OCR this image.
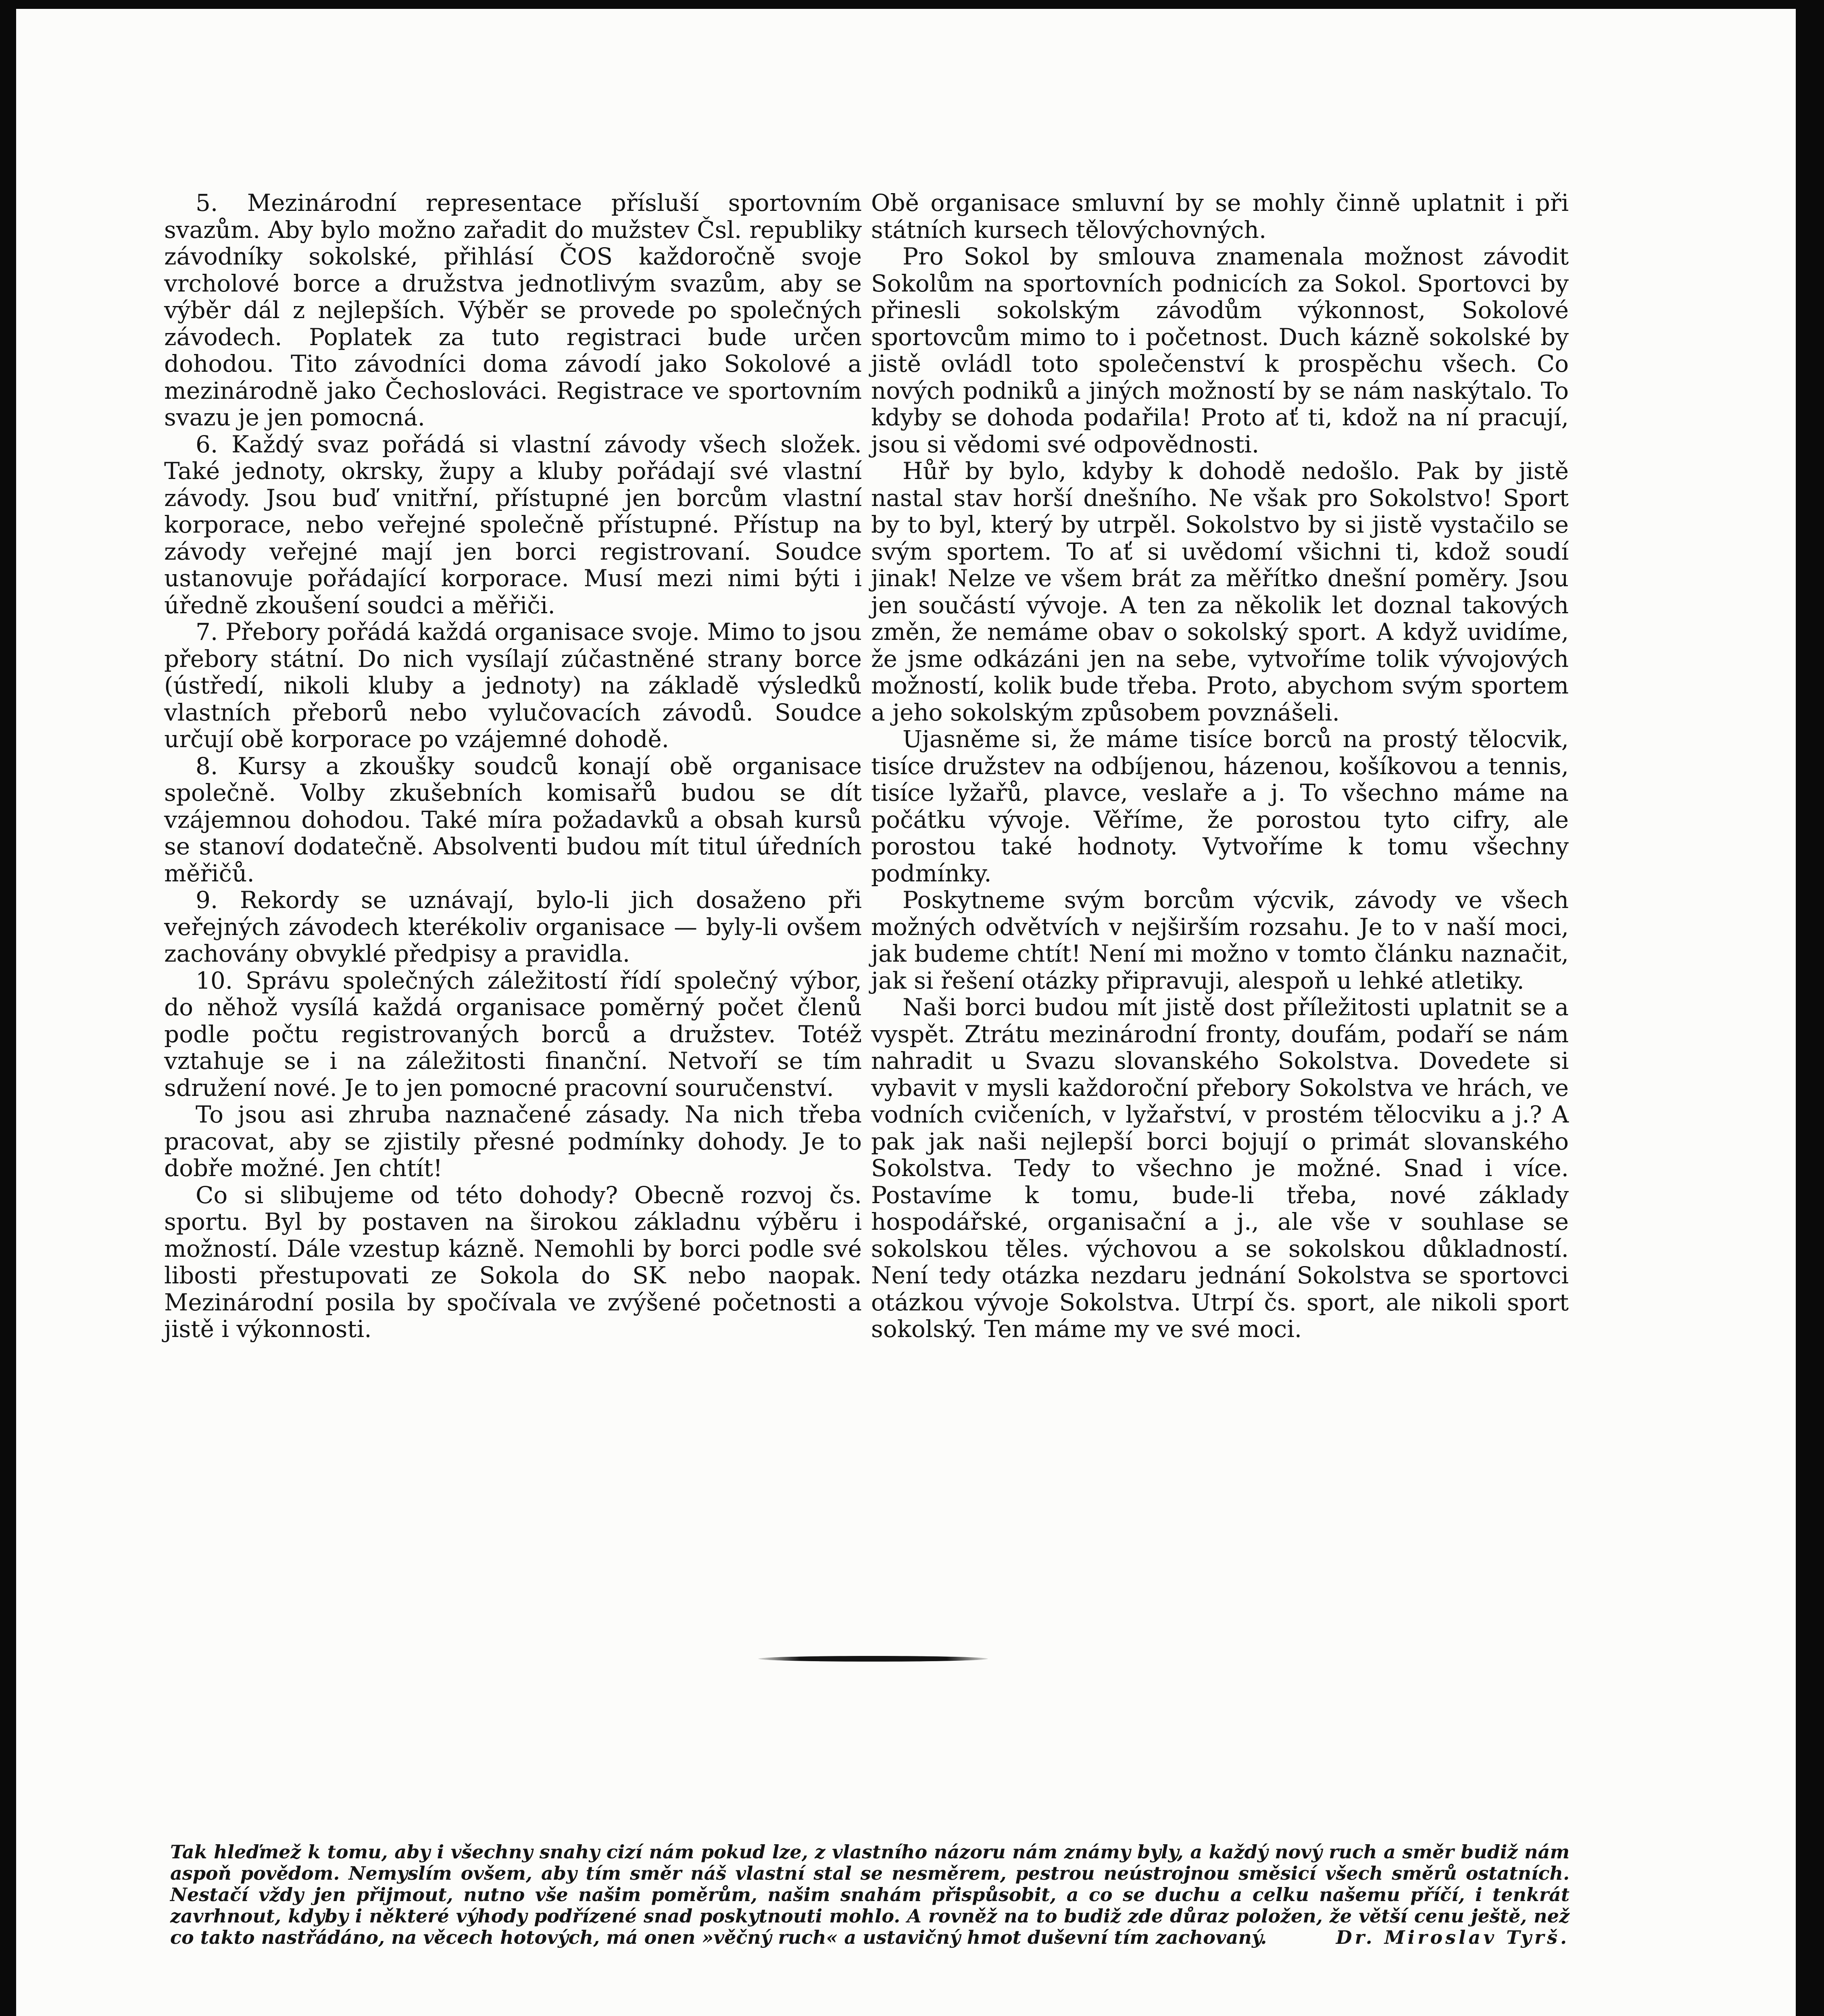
5. Mezinárodní representace přísluší sportovním svazům. Aby bylo možno zařadit do mužstev Čsl. republiky závodníky sokolské, přihlásí ČOS každoročně svoje vrcholové borce a družstva jednotlivým svazům, aby se výběr dál z nejlepších. Výběr se provede po společných závodech. Poplatek za tuto registraci bude určen dohodou. Tito závodníci doma závodí jako Sokolové a mezinárodně jako Čechoslováci. Registrace ve sportovním svazu je jen pomocná.

6. Každý svaz pořádá si vlastní závody všech složek. Také jednoty, okrsky, župy a kluby pořádají své vlastní závody. Jsou buď vnitřní, přístupné jen borcům vlastní korporace, nebo veřejné společně přístupné. Přístup na závody veřejné mají jen borci registrovaní. Soudce ustanovuje pořádající korporace. Musí mezi nimi býti i úředně zkoušení soudci a měřiči.

7. Přebory pořádá každá organisace svoje. Mimo to jsou přebory státní. Do nich vysílají zúčastněné strany borce (ústředí, nikoli kluby a jednoty) na základě výsledků vlastních přeborů nebo vylučovacích závodů. Soudce určují obě korporace po vzájemné dohodě.

8. Kursy a zkoušky soudců konají obě organisace společně. Volby zkušebních komisařů budou se dít vzájemnou dohodou. Také míra požadavků a obsah kursů se stanoví dodatečně. Absolventi budou mít titul úředních měřičů.

9. Rekordy se uznávají, bylo-li jich dosaženo při veřejných závodech kterékoliv organisace — byly-li ovšem zachovány obvyklé předpisy a pravidla.

10. Správu společných záležitostí řídí společný výbor, do něhož vysílá každá organisace poměrný počet členů podle počtu registrovaných borců a družstev. Totéž vztahuje se i na záležitosti finanční. Netvoří se tím sdružení nové. Je to jen pomocné pracovní souručenství.

To jsou asi zhruba naznačené zásady. Na nich třeba pracovat, aby se zjistily přesné podmínky dohody. Je to dobře možné. Jen chtít!

Co si slibujeme od této dohody? Obecně rozvoj čs. sportu. Byl by postaven na širokou základnu výběru i možností. Dále vzestup kázně. Nemohli by borci podle své libosti přestupovati ze Sokola do SK nebo naopak. Mezinárodní posila by spočívala ve zvýšené početnosti a jistě i výkonnosti.

Obě organisace smluvní by se mohly činně uplatnit i při státních kursech tělovýchovných.

Pro Sokol by smlouva znamenala možnost závodit Sokolům na sportovních podnicích za Sokol. Sportovci by přinesli sokolským závodům výkonnost, Sokolové sportovcům mimo to i početnost. Duch kázně sokolské by jistě ovládl toto společenství k prospěchu všech. Co nových podniků a jiných možností by se nám naskýtalo. To kdyby se dohoda podařila! Proto ať ti, kdož na ní pracují, jsou si vědomi své odpovědnosti.

Hůř by bylo, kdyby k dohodě nedošlo. Pak by jistě nastal stav horší dnešního. Ne však pro Sokolstvo! Sport by to byl, který by utrpěl. Sokolstvo by si jistě vystačilo se svým sportem. To ať si uvědomí všichni ti, kdož soudí jinak! Nelze ve všem brát za měřítko dnešní poměry. Jsou jen součástí vývoje. A ten za několik let doznal takových změn, že nemáme obav o sokolský sport. A když uvidíme, že jsme odkázáni jen na sebe, vytvoříme tolik vývojových možností, kolik bude třeba. Proto, abychom svým sportem a jeho sokolským způsobem povznášeli.

Ujasněme si, že máme tisíce borců na prostý tělocvik, tisíce družstev na odbíjenou, házenou, košíkovou a tennis, tisíce lyžařů, plavce, veslaře a j. To všechno máme na počátku vývoje. Věříme, že porostou tyto cifry, ale porostou také hodnoty. Vytvoříme k tomu všechny podmínky.

Poskytneme svým borcům výcvik, závody ve všech možných odvětvích v nejširším rozsahu. Je to v naší moci, jak budeme chtít! Není mi možno v tomto článku naznačit, jak si řešení otázky připravuji, alespoň u lehké atletiky.

Naši borci budou mít jistě dost příležitosti uplatnit se a vyspět. Ztrátu mezinárodní fronty, doufám, podaří se nám nahradit u Svazu slovanského Sokolstva. Dovedete si vybavit v mysli každoroční přebory Sokolstva ve hrách, ve vodních cvičeních, v lyžařství, v prostém tělocviku a j.? A pak jak naši nejlepší borci bojují o primát slovanského Sokolstva. Tedy to všechno je možné. Snad i více. Postavíme k tomu, bude-li třeba, nové základy hospodářské, organisační a j., ale vše v souhlase se sokolskou těles. výchovou a se sokolskou důkladností. Není tedy otázka nezdaru jednání Sokolstva se sportovci otázkou vývoje Sokolstva. Utrpí čs. sport, ale nikoli sport sokolský. Ten máme my ve své moci.

Tak hleďmež k tomu, aby i všechny snahy cizí nám pokud lze, z vlastního názoru nám známy byly, a každý nový ruch a směr budiž nám aspoň povědom. Nemyslím ovšem, aby tím směr náš vlastní stal se nesměrem, pestrou neústrojnou směsicí všech směrů ostatních. Nestačí vždy jen přijmout, nutno vše našim poměrům, našim snahám přispůsobit, a co se duchu a celku našemu příčí, i tenkrát zavrhnout, kdyby i některé výhody podřízené snad poskytnouti mohlo. A rovněž na to budiž zde důraz položen, že větší cenu ještě, než co takto nastřádáno, na věcech hotových, má onen »věčný ruch« a ustavičný hmot duševní tím zachovaný.	Dr. Miroslav Tyrš.
